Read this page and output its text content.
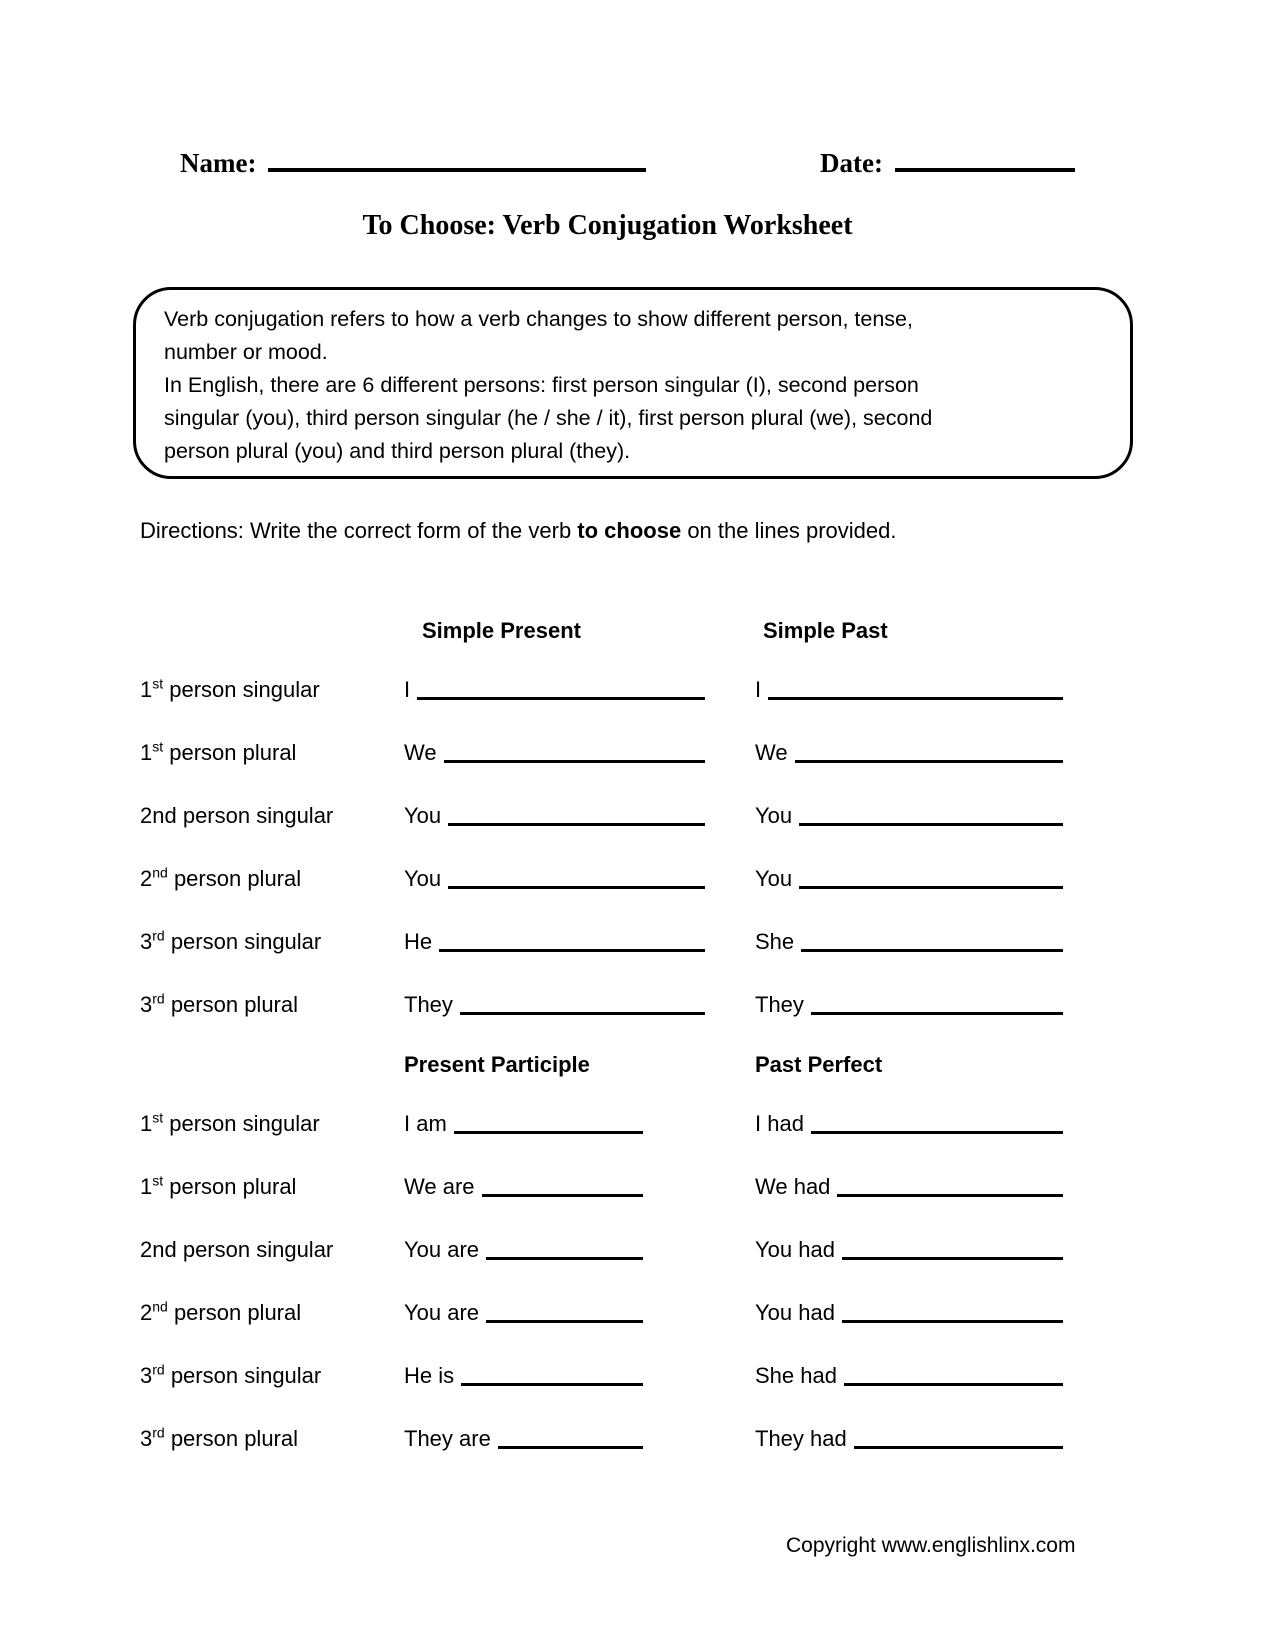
Name:	Date:
To Choose: Verb Conjugation Worksheet
Verb conjugation refers to how a verb changes to show different person, tense,
number or mood.
In English, there are 6 different persons: first person singular (I), second person
singular (you), third person singular (he / she / it), first person plural (we), second
person plural (you) and third person plural (they).
Directions: Write the correct form of the verb to choose on the lines provided.
Simple Present	Simple Past
1st person singular	I	I
1st person plural	We	We
2nd person singular	You	You
2nd person plural	You	You
3rd person singular	He	She
3rd person plural	They	They
Present Participle	Past Perfect
1st person singular	I am	I had
1st person plural	We are	We had
2nd person singular	You are	You had
2nd person plural	You are	You had
3rd person singular	He is	She had
3rd person plural	They are	They had
Copyright www.englishlinx.com
